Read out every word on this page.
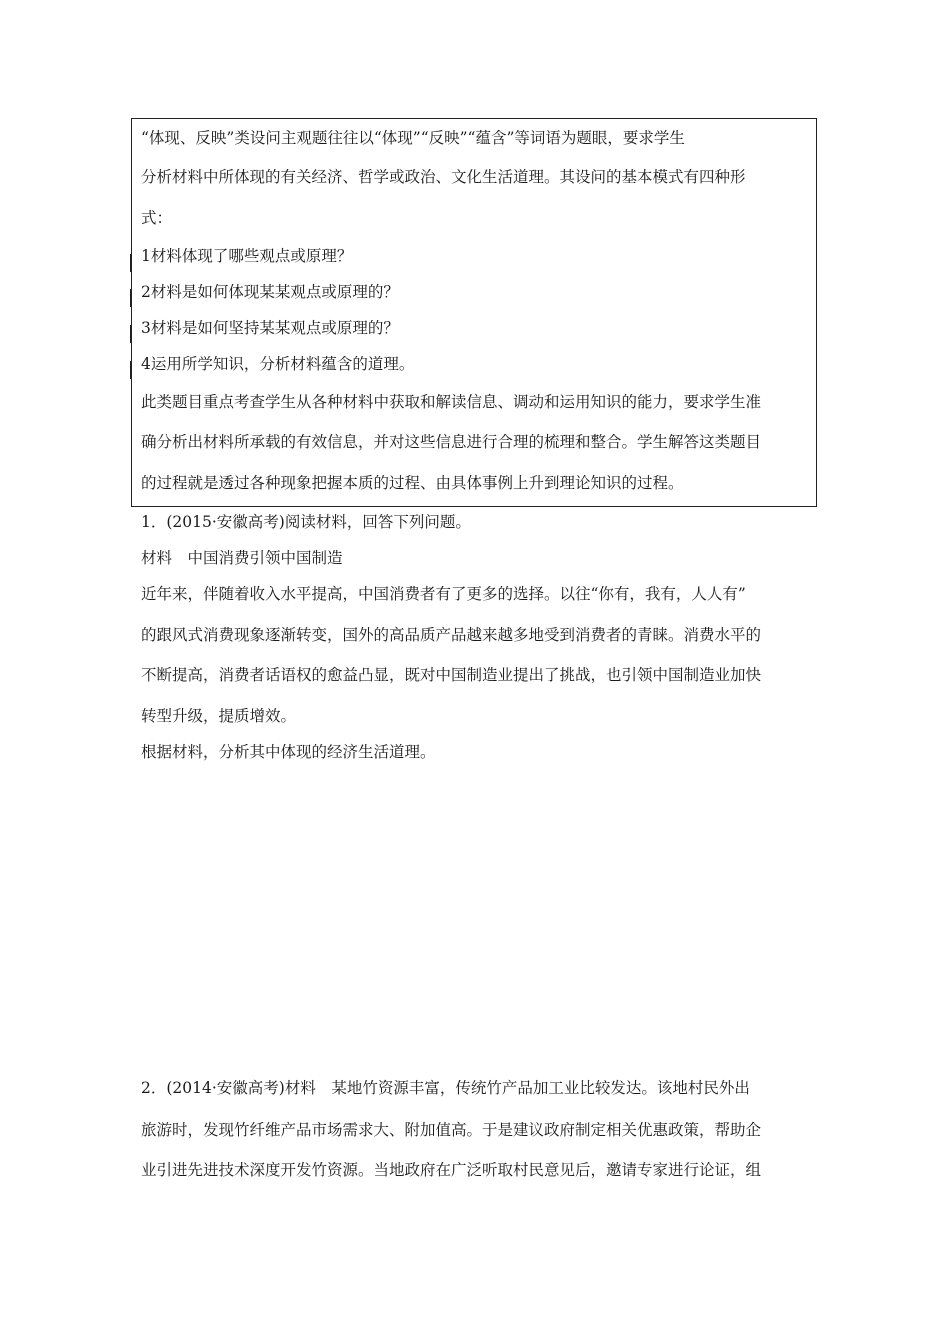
“体现、反映”类设问主观题往往以“体现”“反映”“蕴含”等词语为题眼，要求学生
分析材料中所体现的有关经济、哲学或政治、文化生活道理。其设问的基本模式有四种形
式：
1材料体现了哪些观点或原理？
2材料是如何体现某某观点或原理的？
3材料是如何坚持某某观点或原理的？
4运用所学知识，分析材料蕴含的道理。
此类题目重点考查学生从各种材料中获取和解读信息、调动和运用知识的能力，要求学生准
确分析出材料所承载的有效信息，并对这些信息进行合理的梳理和整合。学生解答这类题目
的过程就是透过各种现象把握本质的过程、由具体事例上升到理论知识的过程。
1．(2015·安徽高考)阅读材料，回答下列问题。
材料　中国消费引领中国制造
近年来，伴随着收入水平提高，中国消费者有了更多的选择。以往“你有，我有，人人有”
的跟风式消费现象逐渐转变，国外的高品质产品越来越多地受到消费者的青睐。消费水平的
不断提高，消费者话语权的愈益凸显，既对中国制造业提出了挑战，也引领中国制造业加快
转型升级，提质增效。
根据材料，分析其中体现的经济生活道理。
2．(2014·安徽高考)材料　某地竹资源丰富，传统竹产品加工业比较发达。该地村民外出
旅游时，发现竹纤维产品市场需求大、附加值高。于是建议政府制定相关优惠政策，帮助企
业引进先进技术深度开发竹资源。当地政府在广泛听取村民意见后，邀请专家进行论证，组
